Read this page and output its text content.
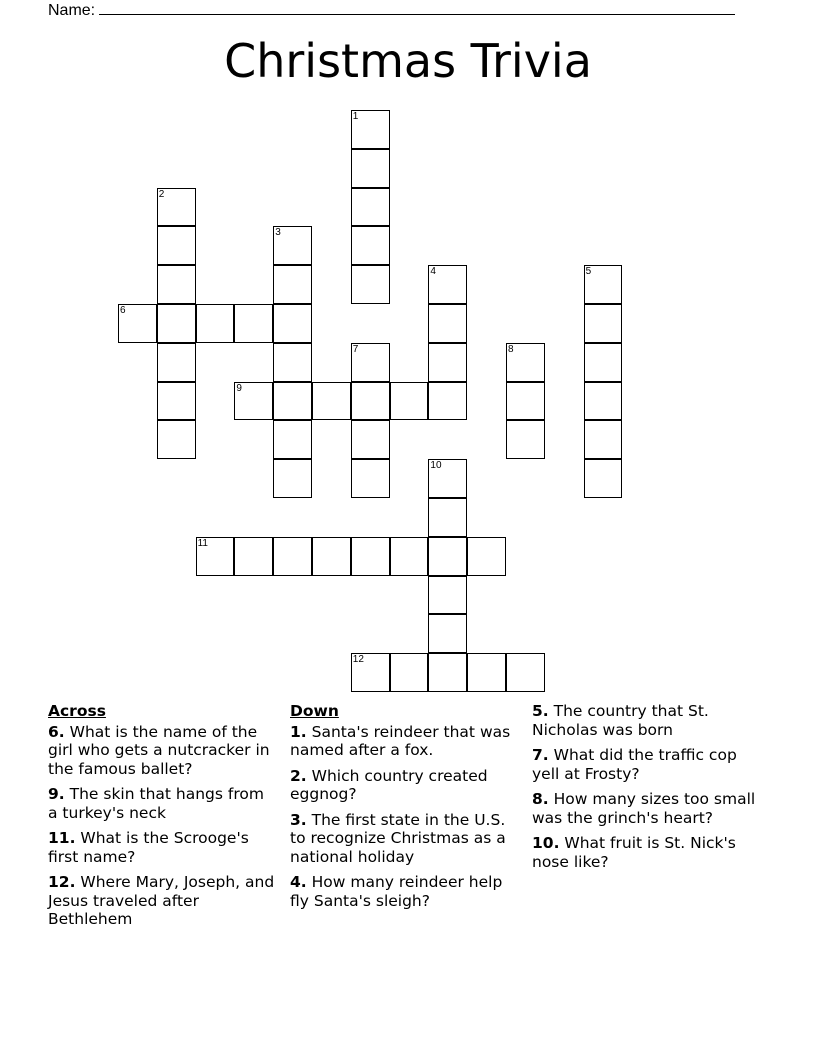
Name:
Christmas Trivia
1
2
3
4	5
6
7	8
9
10
11
12
Across
6. What is the name of the girl who gets a nutcracker in the famous ballet?
9. The skin that hangs from a turkey's neck
11. What is the Scrooge's first name?
12. Where Mary, Joseph, and Jesus traveled after Bethlehem
Down
1. Santa's reindeer that was named after a fox.
2. Which country created eggnog?
3. The first state in the U.S. to recognize Christmas as a national holiday
4. How many reindeer help fly Santa's sleigh?
5. The country that St. Nicholas was born
7. What did the traffic cop yell at Frosty?
8. How many sizes too small was the grinch's heart?
10. What fruit is St. Nick's nose like?
